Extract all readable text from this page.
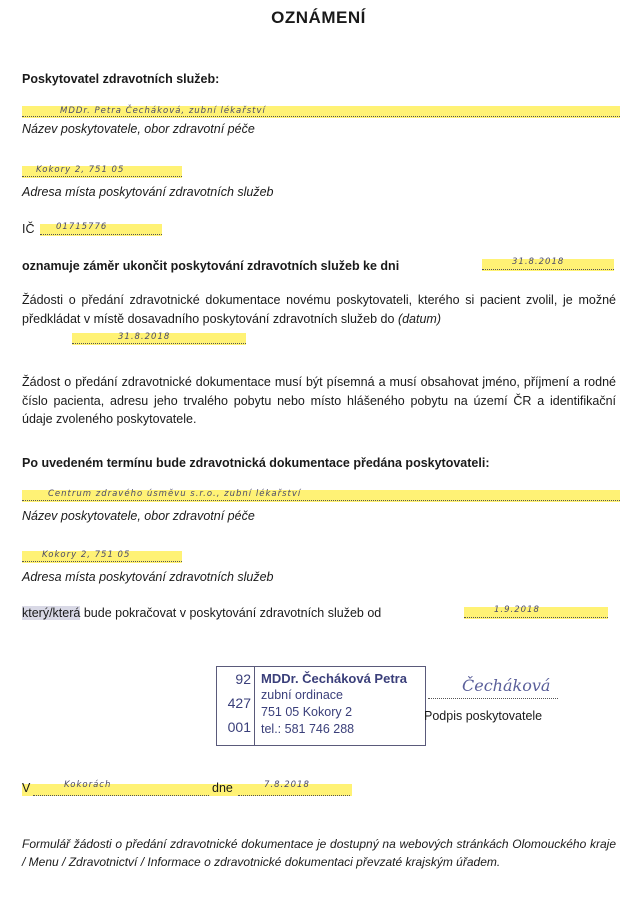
OZNÁMENÍ
Poskytovatel zdravotních služeb:
MDDr. Petra Čecháková, zubní lékařství
Název poskytovatele, obor zdravotní péče
Kokory 2, 751 05
Adresa místa poskytování zdravotních služeb
IČ	01715776
oznamuje záměr ukončit poskytování zdravotních služeb ke dni	31.8.2018
Žádosti o předání zdravotnické dokumentace novému poskytovateli, kterého si pacient zvolil, je možné předkládat v místě dosavadního poskytování zdravotních služeb do (datum)
31.8.2018
Žádost o předání zdravotnické dokumentace musí být písemná a musí obsahovat jméno, příjmení a rodné číslo pacienta, adresu jeho trvalého pobytu nebo místo hlášeného pobytu na území ČR a identifikační údaje zvoleného poskytovatele.
Po uvedeném termínu bude zdravotnická dokumentace předána poskytovateli:
Centrum zdravého úsměvu s.r.o., zubní lékařství
Název poskytovatele, obor zdravotní péče
Kokory 2, 751 05
Adresa místa poskytování zdravotních služeb
který/která bude pokračovat v poskytování zdravotních služeb od	1.9.2018
92
427
001
MDDr. Čecháková Petra
zubní ordinace
751 05 Kokory 2
tel.: 581 746 288
Čecháková
Podpis poskytovatele
V	Kokorách	dne	7.8.2018
Formulář žádosti o předání zdravotnické dokumentace je dostupný na webových stránkách Olomouckého kraje / Menu / Zdravotnictví / Informace o zdravotnické dokumentaci převzaté krajským úřadem.
